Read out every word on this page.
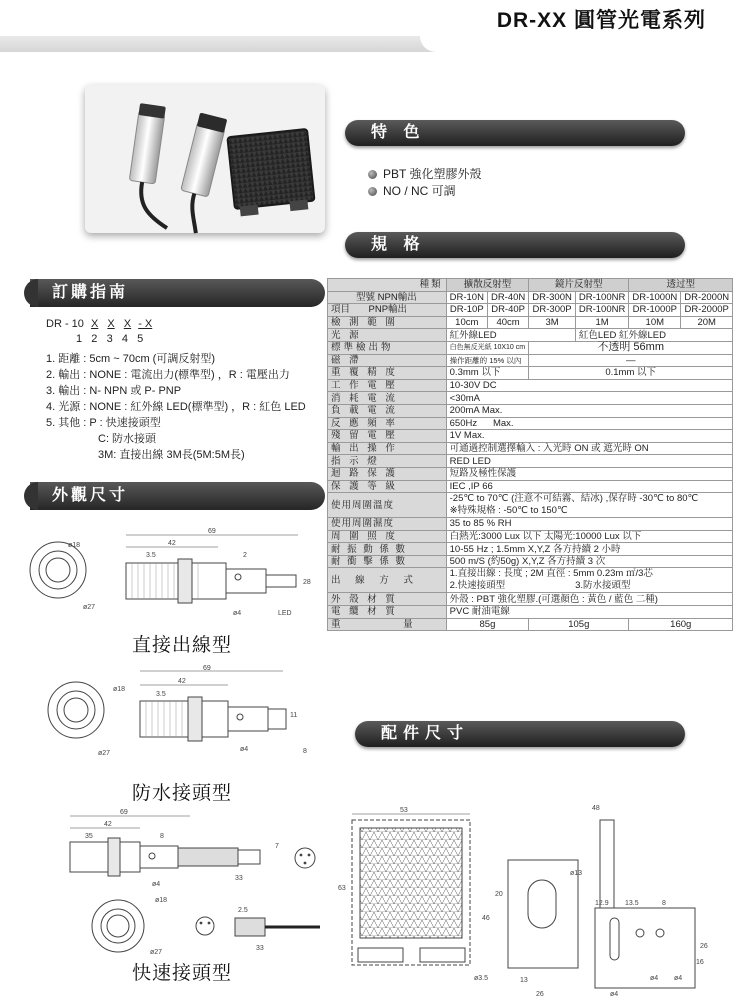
DR-XX 圓管光電系列
特 色
PBT 強化塑膠外殼
NO / NC 可調
規 格
訂購指南
DR - 10 X X X - X
1   2   3   4   5
1. 距離 : 5cm ~ 70cm (可調反射型)
2. 輸出 : NONE : 電流出力(標準型) ，R : 電壓出力
3. 輸出 : N- NPN 或 P- PNP
4. 光源 : NONE : 紅外線 LED(標準型) ，R : 紅色 LED
5. 其他 : P : 快速接頭型
C: 防水接頭
3M: 直接出線 3M長(5M:5M長)
外觀尺寸
種類	擴散反射型		鏡片反射型		透过型	
型號 NPN輸出	DR-10N	DR-40N	DR-300N	DR-100NR	DR-1000N	DR-2000N
項目 PNP輸出	DR-10P	DR-40P	DR-300P	DR-100NR	DR-1000P	DR-2000P
檢 測 範 圍	10cm	40cm	3M	1M	10M	20M
光 源	紅外線LED			紅色LED 紅外線LED		
標準檢出物	白色無反光紙 10X10 cm		不透明 56mm			
磁 滯	操作距離的 15% 以內		—			
重 覆 精 度	0.3mm 以下		0.1mm 以下			
工 作 電 壓	10-30V DC					
消 耗 電 流	<30mA					
負 載 電 流	200mA Max.					
反 應 頻 率	650Hz      Max.					
殘 留 電 壓	1V Max.					
輸 出 操 作	可通過控制選擇輸入 : 入光時 ON 或 遮光時 ON					
指 示 燈	RED LED					
迴 路 保 護	短路及極性保護					
保 護 等 級	IEC ,IP 66					
使用周圍溫度	-25℃ to 70℃ (注意不可結霧、結冰) ,保存時 -30℃ to 80℃
※特殊規格 : -50℃ to 150℃					

使用周圍濕度	35 to 85 % RH					
周 圍 照 度	白熱光:3000 Lux 以下 太陽光:10000 Lux 以下					
耐 振 動 係 數	10-55 Hz ; 1.5mm X,Y,Z 各方持續 2 小時					
耐 衝 擊 係 數	500 m/S (約50g) X,Y,Z 各方持續 3 次					
出 線 方 式	1.直接出線 : 長度 ; 2M 直徑 : 5mm 0.23m ㎡/3芯
2.快速接頭型 3.防水接頭型					

外 殼 材 質	外殼 : PBT 強化塑膠.(可選顏色 : 黃色 / 藍色 二種)					
電 纜 材 質	PVC 耐油電線					
重 量	85g		105g		160g	
ø18
ø27
69
42
3.5	2
ø4	LED
28
直接出線型
ø18
ø27
69
42
3.5
ø4
11
8
防水接頭型
69
42
35	8
ø4
33
7
ø18
ø27
2.5
33
快速接頭型
配件尺寸
53
63
46
20
ø13
ø3.5	13
26
48
16
12.9 13.5	8
26
ø4
ø4 ø4
